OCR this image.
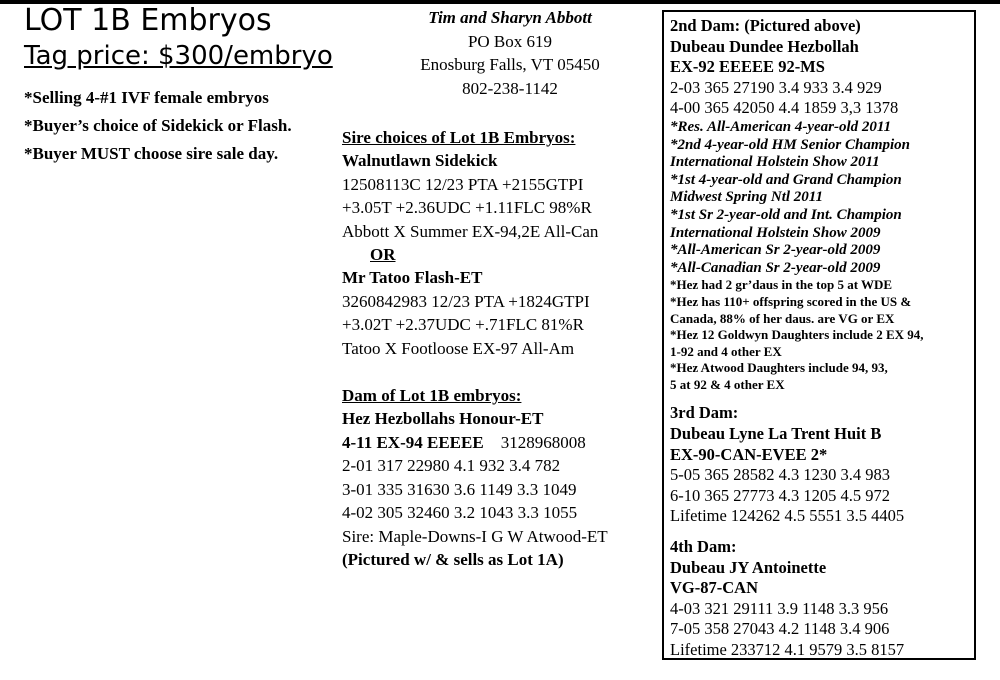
LOT 1B Embryos
Tag price: $300/embryo
*Selling 4-#1 IVF female embryos
*Buyer’s choice of Sidekick or Flash.
*Buyer MUST choose sire sale day.
Tim and Sharyn Abbott
PO Box 619
Enosburg Falls, VT 05450
802-238-1142
Sire choices of Lot 1B Embryos:
Walnutlawn Sidekick
12508113C 12/23 PTA +2155GTPI
+3.05T +2.36UDC +1.11FLC 98%R
Abbott X Summer EX-94,2E All-Can
OR
Mr Tatoo Flash-ET
3260842983 12/23 PTA +1824GTPI
+3.02T +2.37UDC +.71FLC 81%R
Tatoo X Footloose EX-97 All-Am
Dam of Lot 1B embryos:
Hez Hezbollahs Honour-ET
4-11 EX-94 EEEEE 3128968008
2-01 317 22980 4.1 932 3.4 782
3-01 335 31630 3.6 1149 3.3 1049
4-02 305 32460 3.2 1043 3.3 1055
Sire: Maple-Downs-I G W Atwood-ET
(Pictured w/ & sells as Lot 1A)
2nd Dam: (Pictured above)
Dubeau Dundee Hezbollah
EX-92 EEEEE 92-MS
2-03 365 27190 3.4 933 3.4 929
4-00 365 42050 4.4 1859 3,3 1378
*Res. All-American 4-year-old 2011
*2nd 4-year-old HM Senior Champion
International Holstein Show 2011
*1st 4-year-old and Grand Champion
Midwest Spring Ntl 2011
*1st Sr 2-year-old and Int. Champion
International Holstein Show 2009
*All-American Sr 2-year-old 2009
*All-Canadian Sr 2-year-old 2009
*Hez had 2 gr’daus in the top 5 at WDE
*Hez has 110+ offspring scored in the US &
Canada, 88% of her daus. are VG or EX
*Hez 12 Goldwyn Daughters include 2 EX 94,
1-92 and 4 other EX
*Hez Atwood Daughters include 94, 93,
5 at 92 & 4 other EX
3rd Dam:
Dubeau Lyne La Trent Huit B
EX-90-CAN-EVEE 2*
5-05 365 28582 4.3 1230 3.4 983
6-10 365 27773 4.3 1205 4.5 972
Lifetime 124262 4.5 5551 3.5 4405
4th Dam:
Dubeau JY Antoinette
VG-87-CAN
4-03 321 29111 3.9 1148 3.3 956
7-05 358 27043 4.2 1148 3.4 906
Lifetime 233712 4.1 9579 3.5 8157
